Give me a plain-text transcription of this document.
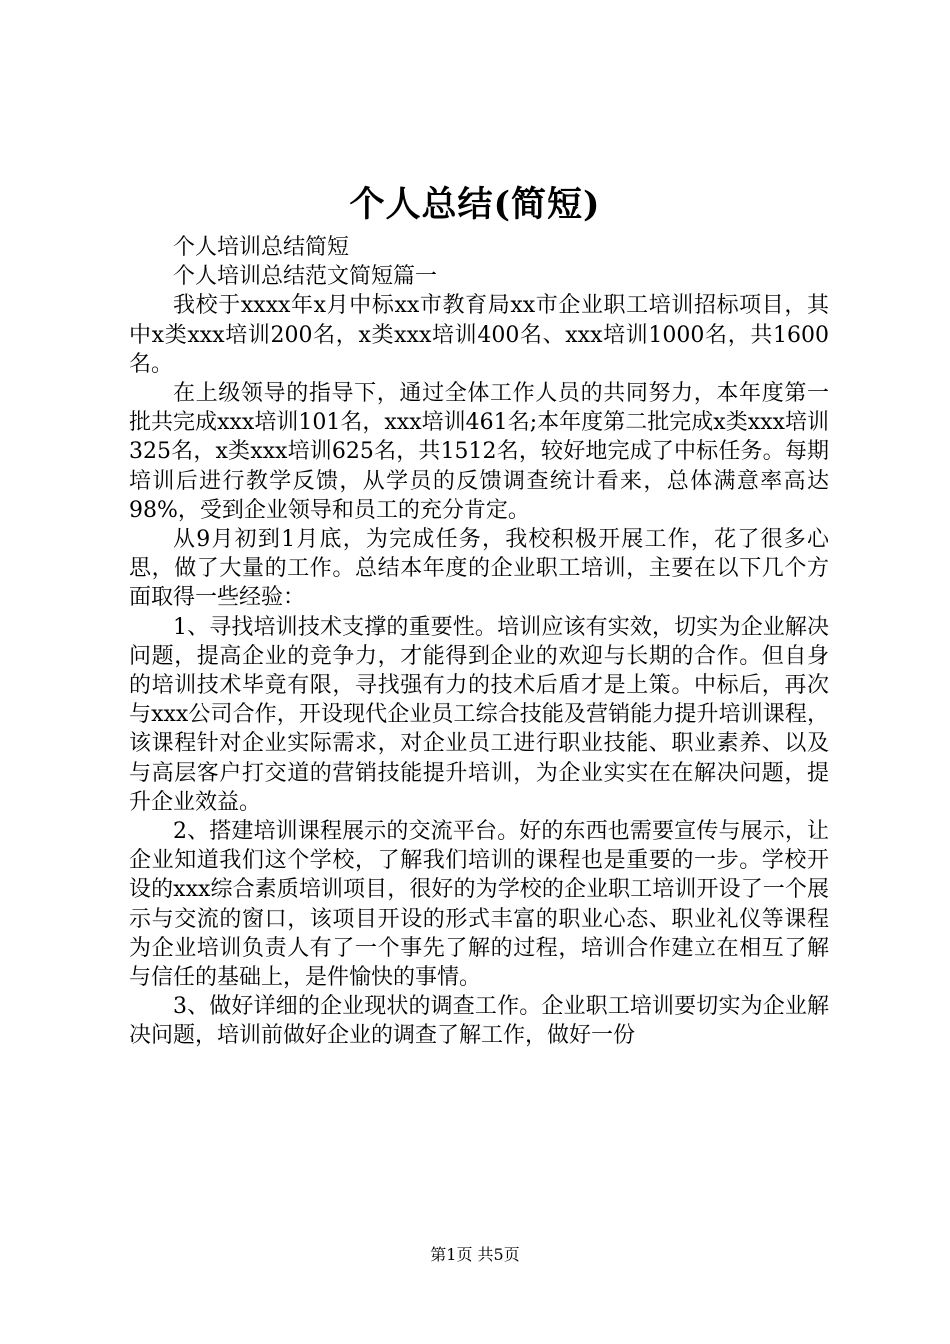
个人总结(简短)

个人培训总结简短

个人培训总结范文简短篇一

我校于xxxx年x月中标xx市教育局xx市企业职工培训招标项目，其中x类xxx培训200名，x类xxx培训400名、xxx培训1000名，共1600名。

在上级领导的指导下，通过全体工作人员的共同努力，本年度第一批共完成xxx培训101名，xxx培训461名;本年度第二批完成x类xxx培训325名，x类xxx培训625名，共1512名，较好地完成了中标任务。每期培训后进行教学反馈，从学员的反馈调查统计看来，总体满意率高达98%，受到企业领导和员工的充分肯定。

从9月初到1月底，为完成任务，我校积极开展工作，花了很多心思，做了大量的工作。总结本年度的企业职工培训，主要在以下几个方面取得一些经验：

1、寻找培训技术支撑的重要性。培训应该有实效，切实为企业解决问题，提高企业的竞争力，才能得到企业的欢迎与长期的合作。但自身的培训技术毕竟有限，寻找强有力的技术后盾才是上策。中标后，再次与xxx公司合作，开设现代企业员工综合技能及营销能力提升培训课程，该课程针对企业实际需求，对企业员工进行职业技能、职业素养、以及与高层客户打交道的营销技能提升培训，为企业实实在在解决问题，提升企业效益。

2、搭建培训课程展示的交流平台。好的东西也需要宣传与展示，让企业知道我们这个学校，了解我们培训的课程也是重要的一步。学校开设的xxx综合素质培训项目，很好的为学校的企业职工培训开设了一个展示与交流的窗口，该项目开设的形式丰富的职业心态、职业礼仪等课程为企业培训负责人有了一个事先了解的过程，培训合作建立在相互了解与信任的基础上，是件愉快的事情。

3、做好详细的企业现状的调查工作。企业职工培训要切实为企业解决问题，培训前做好企业的调查了解工作，做好一份

第1页 共5页
